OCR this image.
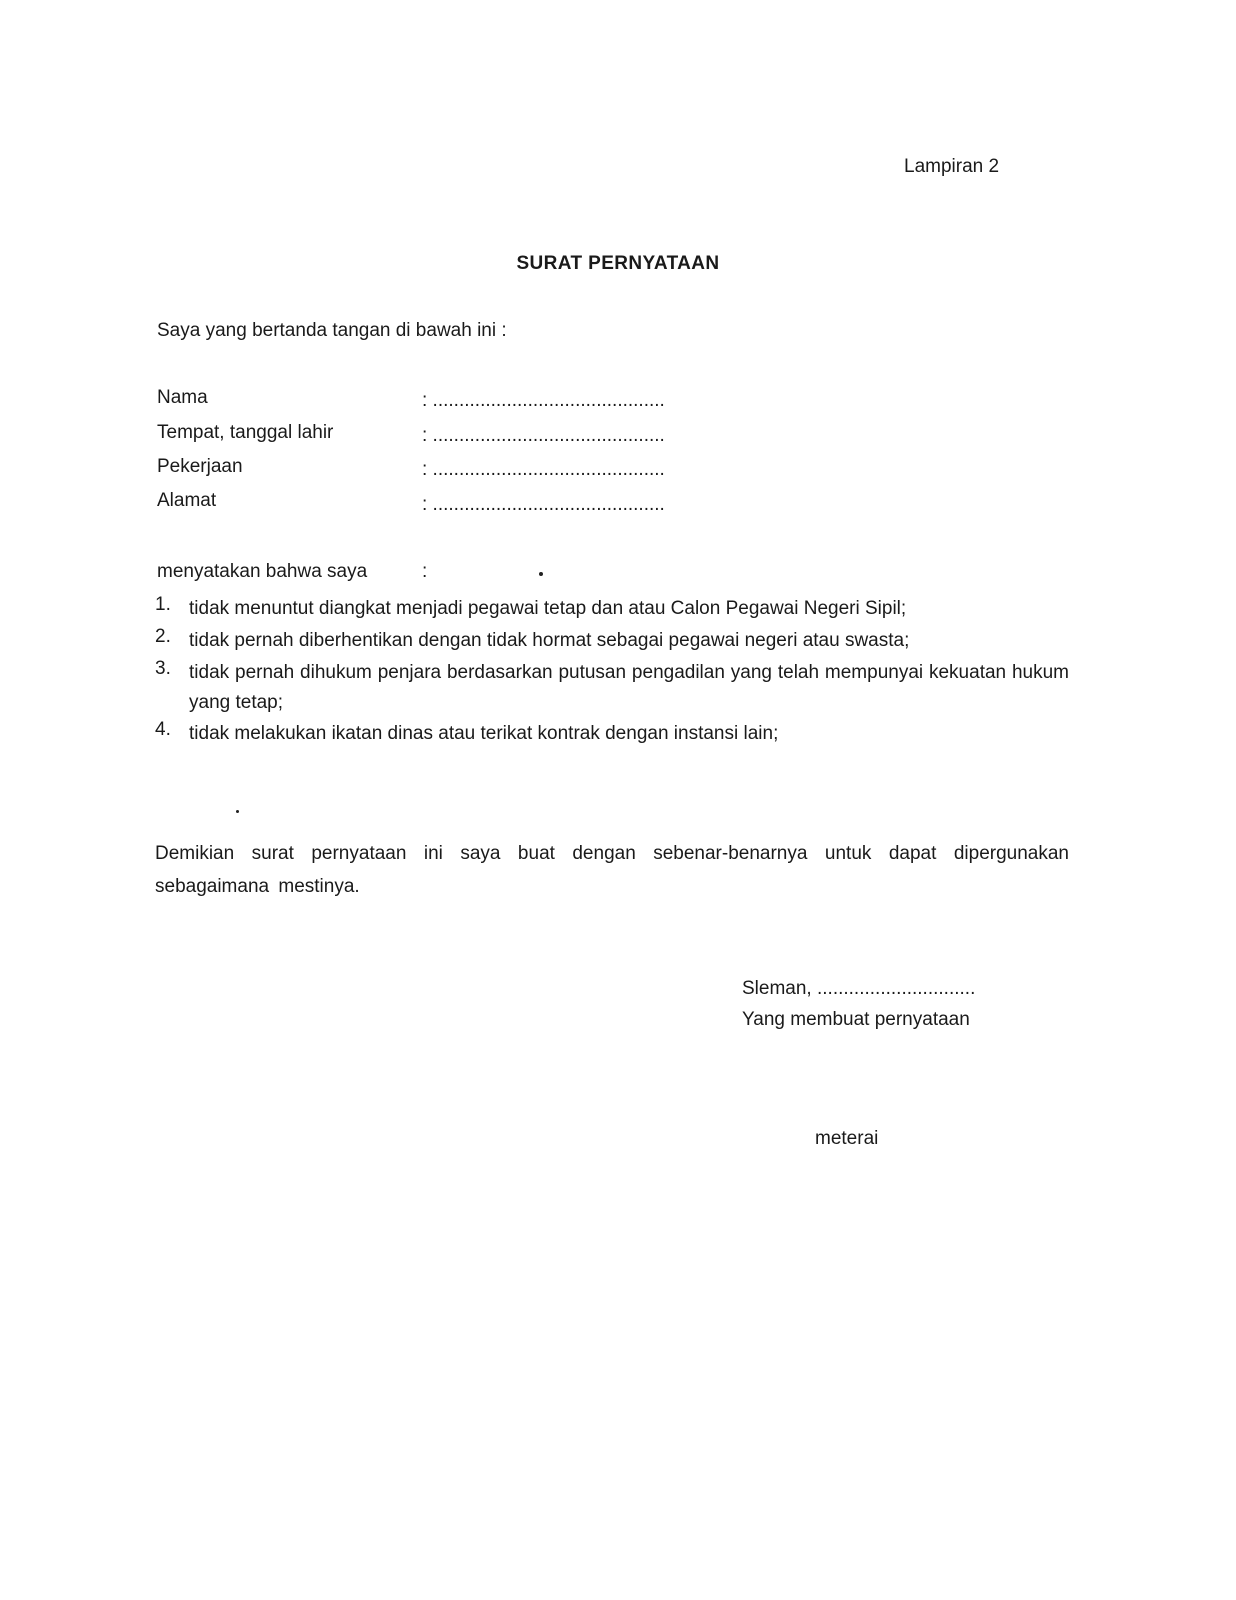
Lampiran 2
SURAT PERNYATAAN
Saya yang bertanda tangan di bawah ini :
Nama	: ............................................
Tempat, tanggal lahir	: ............................................
Pekerjaan	: ............................................
Alamat	: ............................................
menyatakan bahwa saya	:
1. tidak menuntut diangkat menjadi pegawai tetap dan atau Calon Pegawai Negeri Sipil;
2. tidak pernah diberhentikan dengan tidak hormat sebagai pegawai negeri atau swasta;
3. tidak pernah dihukum penjara berdasarkan putusan pengadilan yang telah mempunyai kekuatan hukum yang tetap;
4. tidak melakukan ikatan dinas atau terikat kontrak dengan instansi lain;
Demikian surat pernyataan ini saya buat dengan sebenar-benarnya untuk dapat dipergunakan sebagaimana mestinya.
Sleman, ..............................
Yang membuat pernyataan
meterai
